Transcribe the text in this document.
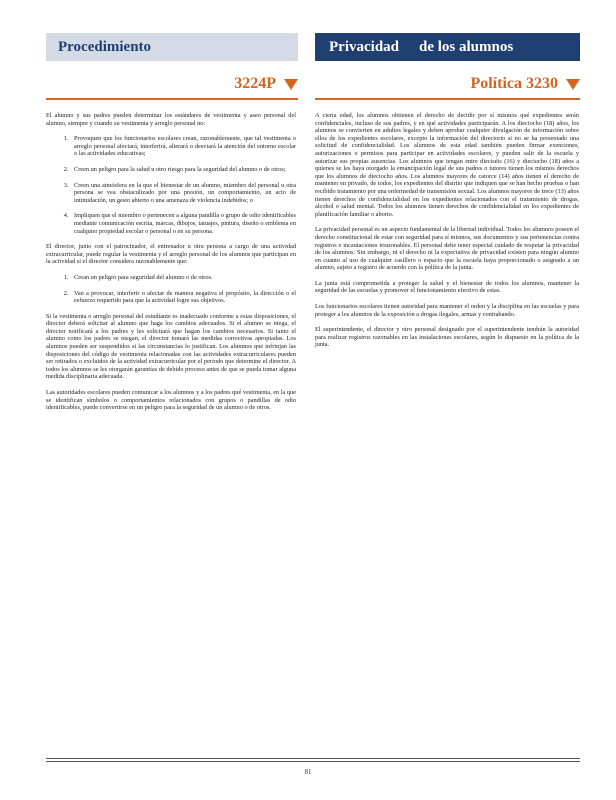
Procedimiento	Privacidad de los alumnos
3224P	Política 3230

El alumno y sus padres pueden determinar los estándares de vestimenta y aseo personal del alumno, siempre y cuando su vestimenta y arreglo personal no:

1. Provoquen que los funcionarios escolares crean, razonablemente, que tal vestimenta o arreglo personal afectará, interferirá, alterará o desviará la atención del entorno escolar o las actividades educativas;
2. Creen un peligro para la salud u otro riesgo para la seguridad del alumno o de otros;
3. Creen una atmósfera en la que el bienestar de un alumno, miembro del personal u otra persona se vea obstaculizado por una presión, un comportamiento, un acto de intimidación, un gesto abierto o una amenaza de violencia indebidos; o
4. Impliquen que el miembro o pertenecen a alguna pandilla o grupo de odio identificables mediante comunicación escrita, marcas, dibujos, tatuajes, pintura, diseño o emblema en cualquier propiedad escolar o personal o en su persona.

El director, junto con el patrocinador, el entrenador u otra persona a cargo de una actividad extracurricular, puede regular la vestimenta y el arreglo personal de los alumnos que participan en la actividad si el director considera razonablemente que:

1. Crean un peligro para seguridad del alumno o de otros.
2. Van a provocar, interferir o afectar de manera negativa el propósito, la dirección o el esfuerzo requerido para que la actividad logre sus objetivos.

Si la vestimenta o arreglo personal del estudiante es inadecuado conforme a estas disposiciones, el director deberá solicitar al alumno que haga los cambios adecuados. Si el alumno se niega, el director notificará a los padres y les solicitará que hagan los cambios necesarios. Si tanto el alumno como los padres se niegan, el director tomará las medidas correctivas apropiadas. Los alumnos pueden ser suspendidos si las circunstancias lo justifican. Los alumnos que infrinjan las disposiciones del código de vestimenta relacionadas con las actividades extracurriculares pueden ser retirados o excluidos de la actividad extracurricular por el periodo que determine el director. A todos los alumnos se les otorgarán garantías de debido proceso antes de que se pueda tomar alguna medida disciplinaria adecuada.

Las autoridades escolares pueden comunicar a los alumnos y a los padres qué vestimenta, en la que se identifican símbolos o comportamientos relacionados con grupos o pandillas de odio identificables, puede convertirse en un peligro para la seguridad de un alumno o de otros.

A cierta edad, los alumnos obtienen el derecho de decidir por sí mismos qué expedientes serán confidenciales, incluso de sus padres, y en qué actividades participarán. A los dieciocho (18) años, los alumnos se convierten en adultos legales y deben aprobar cualquier divulgación de información sobre ellos de los expedientes escolares, excepto la información del directorio si no se ha presentado una solicitud de confidencialidad. Los alumnos de esta edad también pueden firmar exenciones, autorizaciones o permisos para participar en actividades escolares, y pueden salir de la escuela y autorizar sus propias ausencias. Los alumnos que tengan entre dieciséis (16) y dieciocho (18) años a quienes se les haya otorgado la emancipación legal de sus padres o tutores tienen los mismos derechos que los alumnos de dieciocho años. Los alumnos mayores de catorce (14) años tienen el derecho de mantener en privado, de todos, los expedientes del distrito que indiquen que se han hecho pruebas o han recibido tratamiento por una enfermedad de transmisión sexual. Los alumnos mayores de trece (13) años tienen derechos de confidencialidad en los expedientes relacionados con el tratamiento de drogas, alcohol o salud mental. Todos los alumnos tienen derechos de confidencialidad en los expedientes de planificación familiar o aborto.

La privacidad personal es un aspecto fundamental de la libertad individual. Todos los alumnos poseen el derecho constitucional de estar con seguridad para sí mismos, sus documentos y sus pertenencias contra registros e incautaciones irrazonables. El personal debe tener especial cuidado de respetar la privacidad de los alumnos. Sin embargo, ni el derecho ni la expectativa de privacidad existen para ningún alumno en cuanto al uso de cualquier casillero o espacio que la escuela haya proporcionado o asignado a un alumno, sujeto a registro de acuerdo con la política de la junta.

La junta está comprometida a proteger la salud y el bienestar de todos los alumnos, mantener la seguridad de las escuelas y promover el funcionamiento efectivo de estas.

Los funcionarios escolares tienen autoridad para mantener el orden y la disciplina en las escuelas y para proteger a los alumnos de la exposición a drogas ilegales, armas y contrabando.

El superintendente, el director y otro personal designado por el superintendente tendrán la autoridad para realizar registros razonables en las instalaciones escolares, según lo dispuesto en la política de la junta.

81
